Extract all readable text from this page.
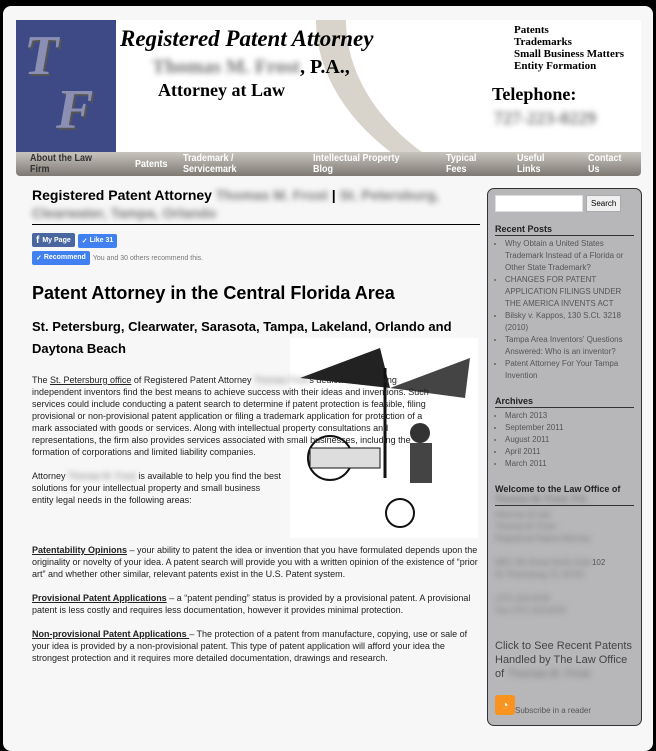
T
F
Registered Patent Attorney
Thomas M. Frost, P.A.,
Attorney at Law
Patents
Trademarks
Small Business Matters
Entity Formation
Telephone:
727-223-0229
About the Law Firm	Patents Trademark / Servicemark
Intellectual Property Blog
Typical Fees
Useful Links
Contact Us
Registered Patent Attorney Thomas M. Frost | St. Petersburg,
Clearwater, Tampa, Orlando
f My Page ✓ Like 31
✓ Recommend You and 30 others recommend this.
Patent Attorney in the Central Florida Area
St. Petersburg, Clearwater, Sarasota, Tampa, Lakeland, Orlando and Daytona Beach

The St. Petersburg office of Registered Patent Attorney Thomas Frosts dedicated to helping independent inventors find the best means to achieve success with their ideas and inventions. Such services could include conducting a patent search to determine if patent protection is feasible, filing provisional or non-provisional patent application or filing a trademark application for protection of a mark associated with goods or services. Along with intellectual property consultations and representations, the firm also provides services associated with small businesses, including the formation of corporations and limited liability companies.

Attorney Thomas M. Frost is available to help you find the best solutions for your intellectual property and small business entity legal needs in the following areas:

Patentability Opinions – your ability to patent the idea or invention that you have formulated depends upon the originality or novelty of your idea. A patent search will provide you with a written opinion of the existence of “prior art” and whether other similar, relevant patents exist in the U.S. Patent system.

Provisional Patent Applications – a “patent pending” status is provided by a provisional patent. A provisional patent is less costly and requires less documentation, however it provides minimal protection.

Non-provisional Patent Applications – The protection of a patent from manufacture, copying, use or sale of your idea is provided by a non-provisional patent. This type of patent application will afford your idea the strongest protection and it requires more detailed documentation, drawings and research.

Search
Recent Posts
▪ Why Obtain a United States Trademark Instead of a Florida or Other State Trademark?
▪ CHANGES FOR PATENT APPLICATION FILINGS UNDER THE AMERICA INVENTS ACT
▪ Bilsky v. Kappos, 130 S.Ct. 3218 (2010)
▪ Tampa Area Inventors' Questions Answered: Who is an inventor?
▪ Patent Attorney For Your Tampa Invention
Archives
▪ March 2013
▪ September 2011
▪ August 2011
▪ April 2011
▪ March 2011
Welcome to the Law Office of
Thomas M. Frost, P.A.
Attorney at Law
Thomas M. Frost
Registered Patent Attorney
6801 5th Street North Suite102
St. Petersburg, FL 33702
(727) 223-0229
Fax (727) 223-0229
Click to See Recent Patents Handled by The Law Office of Thomas M. Frost
◔ Subscribe in a reader
